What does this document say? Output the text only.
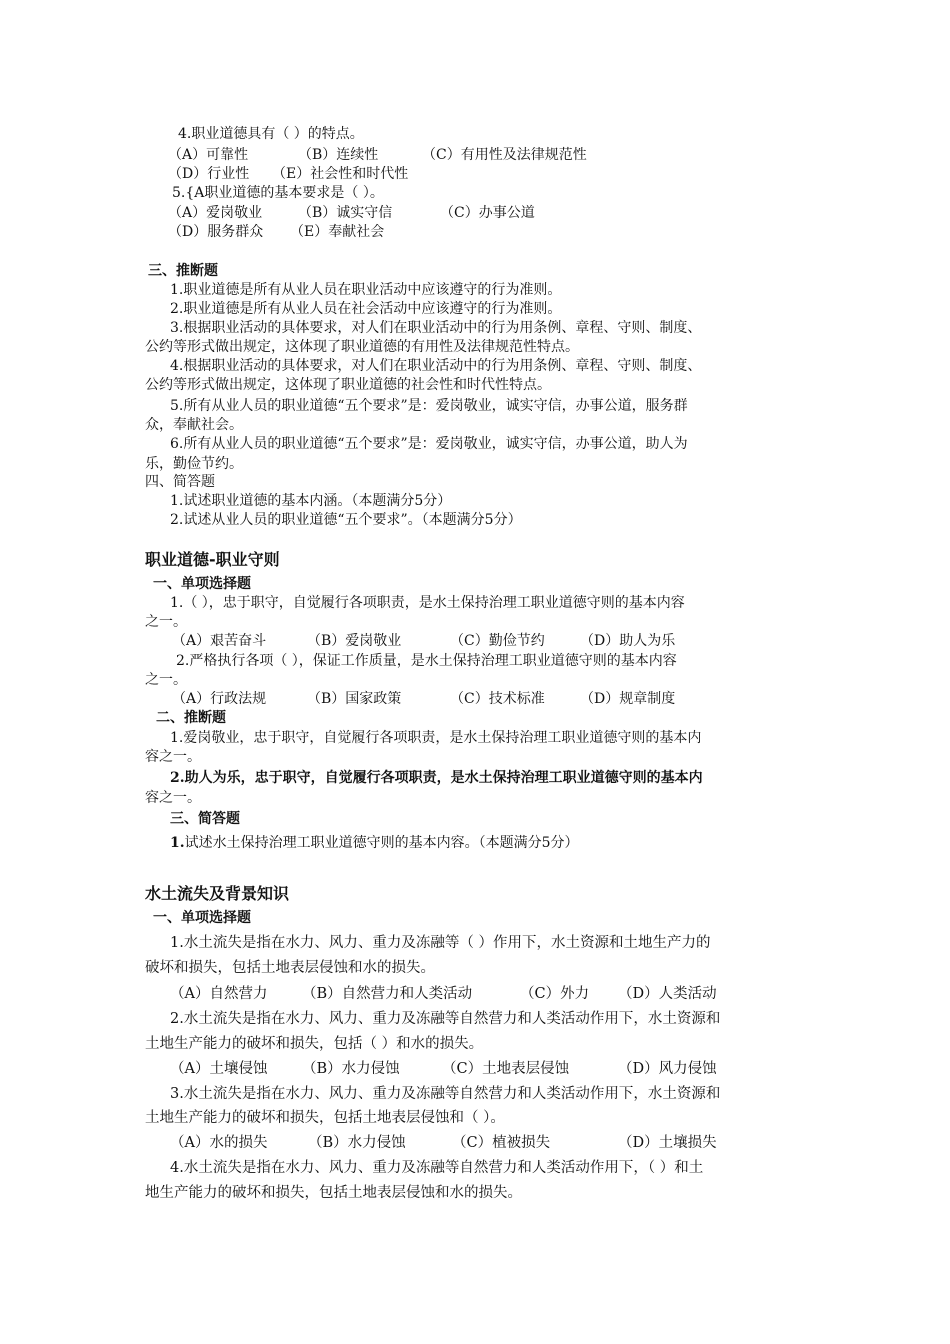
4.职业道德具有（ ）的特点。
（A）可靠性	（B）连续性	（C）有用性及法律规范性
（D）行业性 （E）社会性和时代性
5.{A职业道德的基本要求是（ ）。
（A）爱岗敬业	（B）诚实守信	（C）办事公道
（D）服务群众 （E）奉献社会
三、推断题
1.职业道德是所有从业人员在职业活动中应该遵守的行为准则。
2.职业道德是所有从业人员在社会活动中应该遵守的行为准则。
3.根据职业活动的具体要求，对人们在职业活动中的行为用条例、章程、守则、制度、
公约等形式做出规定，这体现了职业道德的有用性及法律规范性特点。
4.根据职业活动的具体要求，对人们在职业活动中的行为用条例、章程、守则、制度、
公约等形式做出规定，这体现了职业道德的社会性和时代性特点。
5.所有从业人员的职业道德“五个要求”是：爱岗敬业，诚实守信，办事公道，服务群
众，奉献社会。
6.所有从业人员的职业道德“五个要求”是：爱岗敬业，诚实守信，办事公道，助人为
乐，勤俭节约。
四、简答题
1.试述职业道德的基本内涵。（本题满分5分）
2.试述从业人员的职业道德“五个要求”。（本题满分5分）
职业道德-职业守则
一、单项选择题
1.（ ），忠于职守，自觉履行各项职责，是水土保持治理工职业道德守则的基本内容
之一。
（A）艰苦奋斗	（B）爱岗敬业	（C）勤俭节约	（D）助人为乐
2.严格执行各项（ ），保证工作质量，是水土保持治理工职业道德守则的基本内容
之一。
（A）行政法规	（B）国家政策	（C）技术标准	（D）规章制度
二、推断题
1.爱岗敬业，忠于职守，自觉履行各项职责，是水土保持治理工职业道德守则的基本内
容之一。
2.助人为乐，忠于职守，自觉履行各项职责，是水土保持治理工职业道德守则的基本内
容之一。
三、简答题
1.试述水土保持治理工职业道德守则的基本内容。（本题满分5分）
水土流失及背景知识
一、单项选择题
1.水土流失是指在水力、风力、重力及冻融等（ ）作用下，水土资源和土地生产力的
破坏和损失，包括土地表层侵蚀和水的损失。
（A）自然营力 （B）自然营力和人类活动	（C）外力 （D）人类活动
2.水土流失是指在水力、风力、重力及冻融等自然营力和人类活动作用下，水土资源和
土地生产能力的破坏和损失，包括（ ）和水的损失。
（A）土壤侵蚀 （B）水力侵蚀	（C）土地表层侵蚀	（D）风力侵蚀
3.水土流失是指在水力、风力、重力及冻融等自然营力和人类活动作用下，水土资源和
土地生产能力的破坏和损失，包括土地表层侵蚀和（ ）。
（A）水的损失	（B）水力侵蚀	（C）植被损失	（D）土壤损失
4.水土流失是指在水力、风力、重力及冻融等自然营力和人类活动作用下，（ ）和土
地生产能力的破坏和损失，包括土地表层侵蚀和水的损失。
